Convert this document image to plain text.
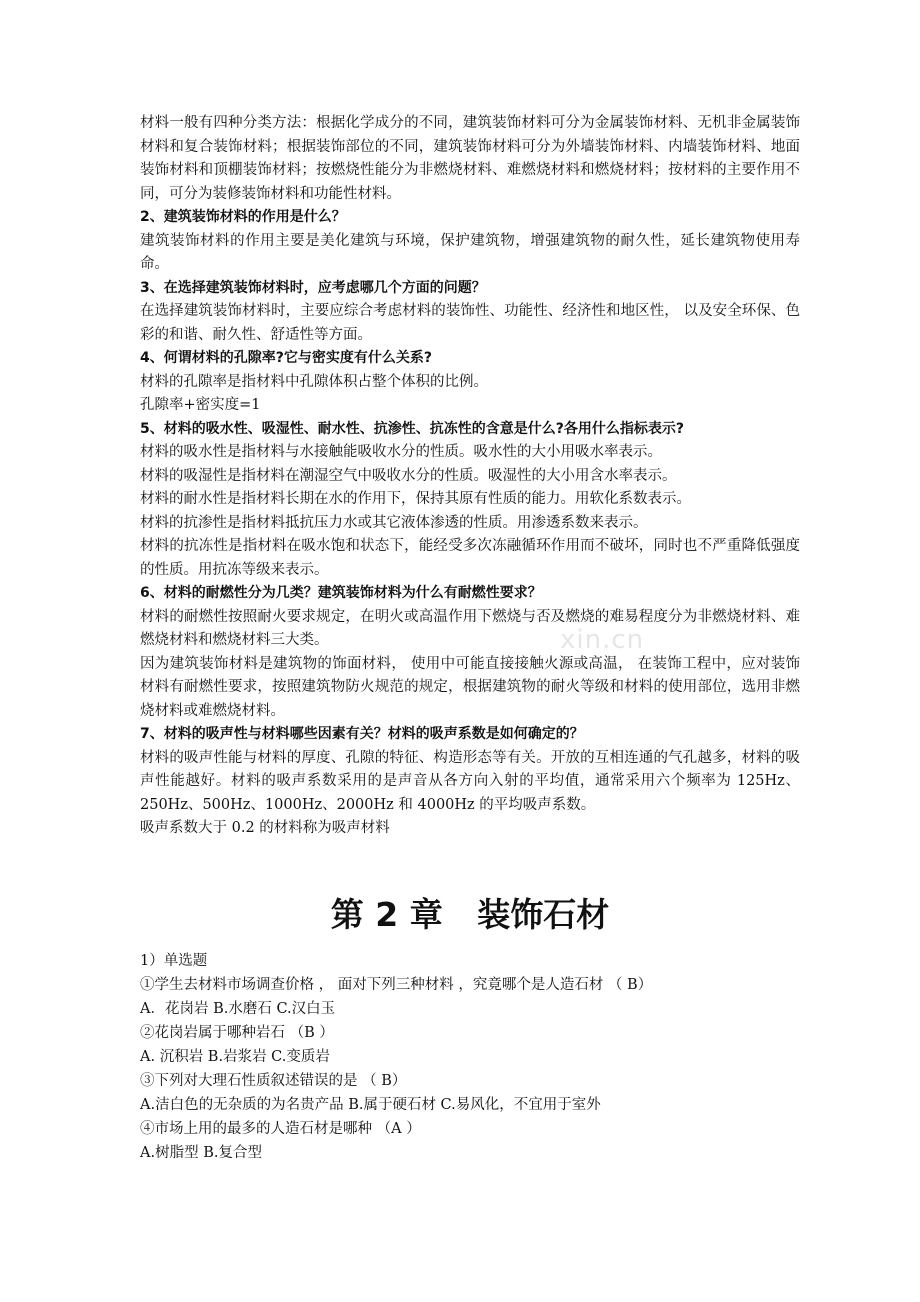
xin.cn

材料一般有四种分类方法：根据化学成分的不同，建筑装饰材料可分为金属装饰材料、无机非金属装饰材料和复合装饰材料；根据装饰部位的不同，建筑装饰材料可分为外墙装饰材料、内墙装饰材料、地面装饰材料和顶棚装饰材料；按燃烧性能分为非燃烧材料、难燃烧材料和燃烧材料；按材料的主要作用不同，可分为装修装饰材料和功能性材料。

2、建筑装饰材料的作用是什么？

建筑装饰材料的作用主要是美化建筑与环境，保护建筑物，增强建筑物的耐久性，延长建筑物使用寿命。

3、在选择建筑装饰材料时，应考虑哪几个方面的问题？

在选择建筑装饰材料时，主要应综合考虑材料的装饰性、功能性、经济性和地区性， 以及安全环保、色彩的和谐、耐久性、舒适性等方面。

4、何谓材料的孔隙率?它与密实度有什么关系?

材料的孔隙率是指材料中孔隙体积占整个体积的比例。

孔隙率+密实度=1

5、材料的吸水性、吸湿性、耐水性、抗渗性、抗冻性的含意是什么?各用什么指标表示?

材料的吸水性是指材料与水接触能吸收水分的性质。吸水性的大小用吸水率表示。

材料的吸湿性是指材料在潮湿空气中吸收水分的性质。吸湿性的大小用含水率表示。

材料的耐水性是指材料长期在水的作用下，保持其原有性质的能力。用软化系数表示。

材料的抗渗性是指材料抵抗压力水或其它液体渗透的性质。用渗透系数来表示。

材料的抗冻性是指材料在吸水饱和状态下，能经受多次冻融循环作用而不破坏，同时也不严重降低强度的性质。用抗冻等级来表示。

6、材料的耐燃性分为几类？建筑装饰材料为什么有耐燃性要求？

材料的耐燃性按照耐火要求规定，在明火或高温作用下燃烧与否及燃烧的难易程度分为非燃烧材料、难燃烧材料和燃烧材料三大类。

因为建筑装饰材料是建筑物的饰面材料， 使用中可能直接接触火源或高温， 在装饰工程中，应对装饰材料有耐燃性要求，按照建筑物防火规范的规定，根据建筑物的耐火等级和材料的使用部位，选用非燃烧材料或难燃烧材料。

7、材料的吸声性与材料哪些因素有关？材料的吸声系数是如何确定的？

材料的吸声性能与材料的厚度、孔隙的特征、构造形态等有关。开放的互相连通的气孔越多，材料的吸声性能越好。材料的吸声系数采用的是声音从各方向入射的平均值，通常采用六个频率为 125Hz、250Hz、500Hz、1000Hz、2000Hz 和 4000Hz 的平均吸声系数。

吸声系数大于 0.2 的材料称为吸声材料

第 2 章   装饰石材

1）单选题

①学生去材料市场调查价格 ， 面对下列三种材料 ，究竟哪个是人造石材 （ B）

A．花岗岩 B.水磨石 C.汉白玉

②花岗岩属于哪种岩石 （B ）

A. 沉积岩 B.岩浆岩 C.变质岩

③下列对大理石性质叙述错误的是 （ B）

A.洁白色的无杂质的为名贵产品 B.属于硬石材 C.易风化，不宜用于室外

④市场上用的最多的人造石材是哪种 （A ）

A.树脂型 B.复合型
